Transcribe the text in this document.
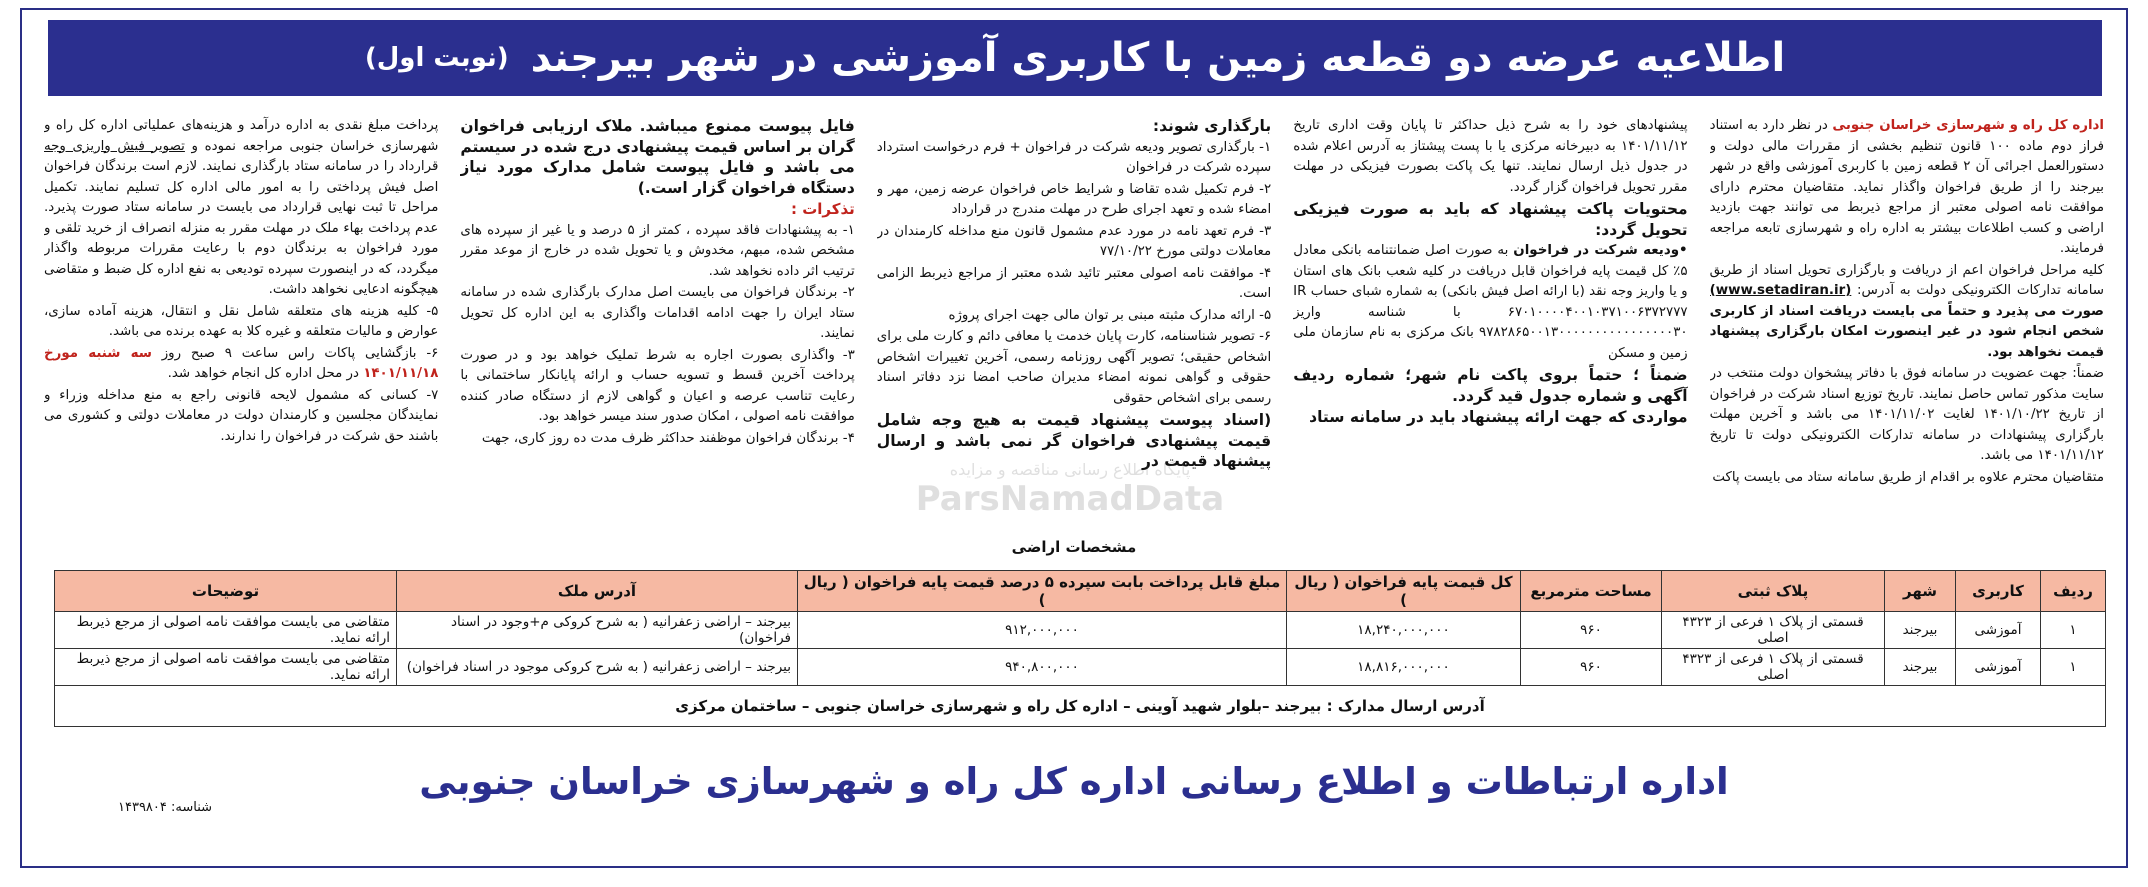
اطلاعیه عرضه دو قطعه زمین با کاربری آموزشی در شهر بیرجند
(نوبت اول)

اداره کل راه و شهرسازی خراسان جنوبی در نظر دارد به استناد فراز دوم ماده ۱۰۰ قانون تنظیم بخشی از مقررات مالی دولت و دستورالعمل اجرائی آن ۲ قطعه زمین با کاربری آموزشی واقع در شهر بیرجند را از طریق فراخوان واگذار نماید. متقاضیان محترم دارای موافقت نامه اصولی معتبر از مراجع ذیربط می توانند جهت بازدید اراضی و کسب اطلاعات بیشتر به اداره راه و شهرسازی تابعه مراجعه فرمایند.

کلیه مراحل فراخوان اعم از دریافت و بارگزاری تحویل اسناد از طریق سامانه تدارکات الکترونیکی دولت به آدرس: (www.setadiran.ir) صورت می پذیرد و حتماً می بایست دریافت اسناد از کاربری شخص انجام شود در غیر اینصورت امکان بارگزاری پیشنهاد قیمت نخواهد بود.

ضمناً: جهت عضویت در سامانه فوق با دفاتر پیشخوان دولت منتخب در سایت مذکور تماس حاصل نمایند. تاریخ توزیع اسناد شرکت در فراخوان از تاریخ ۱۴۰۱/۱۰/۲۲ لغایت ۱۴۰۱/۱۱/۰۲ می باشد و آخرین مهلت بارگزاری پیشنهادات در سامانه تدارکات الکترونیکی دولت تا تاریخ ۱۴۰۱/۱۱/۱۲ می باشد.

متقاضیان محترم علاوه بر اقدام از طریق سامانه ستاد می بایست پاکت

پیشنهادهای خود را به شرح ذیل حداکثر تا پایان وقت اداری تاریخ ۱۴۰۱/۱۱/۱۲ به دبیرخانه مرکزی یا با پست پیشتاز به آدرس اعلام شده در جدول ذیل ارسال نمایند. تنها یک پاکت بصورت فیزیکی در مهلت مقرر تحویل فراخوان گزار گردد.

محتویات پاکت پیشنهاد که باید به صورت فیزیکی تحویل گردد:

•ودیعه شرکت در فراخوان به صورت اصل ضمانتنامه بانکی معادل ۵٪ کل قیمت پایه فراخوان قابل دریافت در کلیه شعب بانک های استان و یا واریز وجه نقد (با ارائه اصل فیش بانکی) به شماره شبای حساب IR ۶۷۰۱۰۰۰۰۴۰۰۱۰۳۷۱۰۰۶۳۷۲۷۷۷ با شناسه واریز ۹۷۸۲۸۶۵۰۰۱۳۰۰۰۰۰۰۰۰۰۰۰۰۰۰۰۰۳۰ بانک مرکزی به نام سازمان ملی زمین و مسکن

ضمناً ؛ حتماً بروی پاکت نام شهر؛ شماره ردیف آگهی و شماره جدول قید گردد.

مواردی که جهت ارائه پیشنهاد باید در سامانه ستاد

بارگذاری شوند:

۱- بارگذاری تصویر ودیعه شرکت در فراخوان + فرم درخواست استرداد سپرده شرکت در فراخوان

۲- فرم تکمیل شده تقاضا و شرایط خاص فراخوان عرضه زمین، مهر و امضاء شده و تعهد اجرای طرح در مهلت مندرج در قرارداد

۳- فرم تعهد نامه در مورد عدم مشمول قانون منع مداخله کارمندان در معاملات دولتی مورخ ۷۷/۱۰/۲۲

۴- موافقت نامه اصولی معتبر تائید شده معتبر از مراجع ذیربط الزامی است.

۵- ارائه مدارک مثبته مبنی بر توان مالی جهت اجرای پروژه

۶- تصویر شناسنامه، کارت پایان خدمت یا معافی دائم و کارت ملی برای اشخاص حقیقی؛ تصویر آگهی روزنامه رسمی، آخرین تغییرات اشخاص حقوقی و گواهی نمونه امضاء مدیران صاحب امضا نزد دفاتر اسناد رسمی برای اشخاص حقوقی

(اسناد پیوست پیشنهاد قیمت به هیچ وجه شامل قیمت پیشنهادی فراخوان گر نمی باشد و ارسال پیشنهاد قیمت در

فایل پیوست ممنوع میباشد. ملاک ارزیابی فراخوان گران بر اساس قیمت پیشنهادی درج شده در سیستم می باشد و فایل پیوست شامل مدارک مورد نیاز دستگاه فراخوان گزار است.)

تذکرات :

۱- به پیشنهادات فاقد سپرده ، کمتر از ۵ درصد و یا غیر از سپرده های مشخص شده، مبهم، مخدوش و یا تحویل شده در خارج از موعد مقرر ترتیب اثر داده نخواهد شد.

۲- برندگان فراخوان می بایست اصل مدارک بارگذاری شده در سامانه ستاد ایران را جهت ادامه اقدامات واگذاری به این اداره کل تحویل نمایند.

۳- واگذاری بصورت اجاره به شرط تملیک خواهد بود و در صورت پرداخت آخرین قسط و تسویه حساب و ارائه پایانکار ساختمانی با رعایت تناسب عرصه و اعیان و گواهی لازم از دستگاه صادر کننده موافقت نامه اصولی ، امکان صدور سند میسر خواهد بود.

۴- برندگان فراخوان موظفند حداکثر ظرف مدت ده روز کاری، جهت

پرداخت مبلغ نقدی به اداره درآمد و هزینه‌های عملیاتی اداره کل راه و شهرسازی خراسان جنوبی مراجعه نموده و تصویر فیش واریزی وجه قرارداد را در سامانه ستاد بارگذاری نمایند. لازم است برندگان فراخوان اصل فیش پرداختی را به امور مالی اداره کل تسلیم نمایند. تکمیل مراحل تا ثبت نهایی قرارداد می بایست در سامانه ستاد صورت پذیرد. عدم پرداخت بهاء ملک در مهلت مقرر به منزله انصراف از خرید تلقی و مورد فراخوان به برندگان دوم با رعایت مقررات مربوطه واگذار میگردد، که در اینصورت سپرده تودیعی به نفع اداره کل ضبط و متقاضی هیچگونه ادعایی نخواهد داشت.

۵- کلیه هزینه های متعلقه شامل نقل و انتقال، هزینه آماده سازی، عوارض و مالیات متعلقه و غیره کلا به عهده برنده می باشد.

۶- بازگشایی پاکات راس ساعت ۹ صبح روز سه شنبه مورخ ۱۴۰۱/۱۱/۱۸ در محل اداره کل انجام خواهد شد.

۷- کسانی که مشمول لایحه قانونی راجع به منع مداخله وزراء و نمایندگان مجلسین و کارمندان دولت در معاملات دولتی و کشوری می باشند حق شرکت در فراخوان را ندارند.

پایگاه اطلاع رسانی مناقصه و مزایده
ParsNamadData
مشخصات اراضی
ردیف	کاربری	شهر	پلاک ثبتی	مساحت مترمربع	کل قیمت پایه فراخوان ( ریال )	مبلغ قابل پرداخت بابت سپرده ۵ درصد قیمت پایه فراخوان ( ریال )	آدرس ملک	توضیحات
۱	آموزشی	بیرجند	قسمتی از پلاک ۱ فرعی از ۴۳۲۳ اصلی	۹۶۰	۱۸,۲۴۰,۰۰۰,۰۰۰	۹۱۲,۰۰۰,۰۰۰	بیرجند – اراضی زعفرانیه ( به شرح کروکی م+وجود در اسناد فراخوان)	متقاضی می بایست موافقت نامه اصولی از مرجع ذیربط ارائه نماید.
۱	آموزشی	بیرجند	قسمتی از پلاک ۱ فرعی از ۴۳۲۳ اصلی	۹۶۰	۱۸,۸۱۶,۰۰۰,۰۰۰	۹۴۰,۸۰۰,۰۰۰	بیرجند – اراضی زعفرانیه ( به شرح کروکی موجود در اسناد فراخوان)	متقاضی می بایست موافقت نامه اصولی از مرجع ذیربط ارائه نماید.
آدرس ارسال مدارک : بیرجند –بلوار شهید آوینی – اداره کل راه و شهرسازی خراسان جنوبی – ساختمان مرکزی								
اداره ارتباطات و اطلاع رسانی اداره کل راه و شهرسازی خراسان جنوبی
شناسه: ۱۴۳۹۸۰۴
